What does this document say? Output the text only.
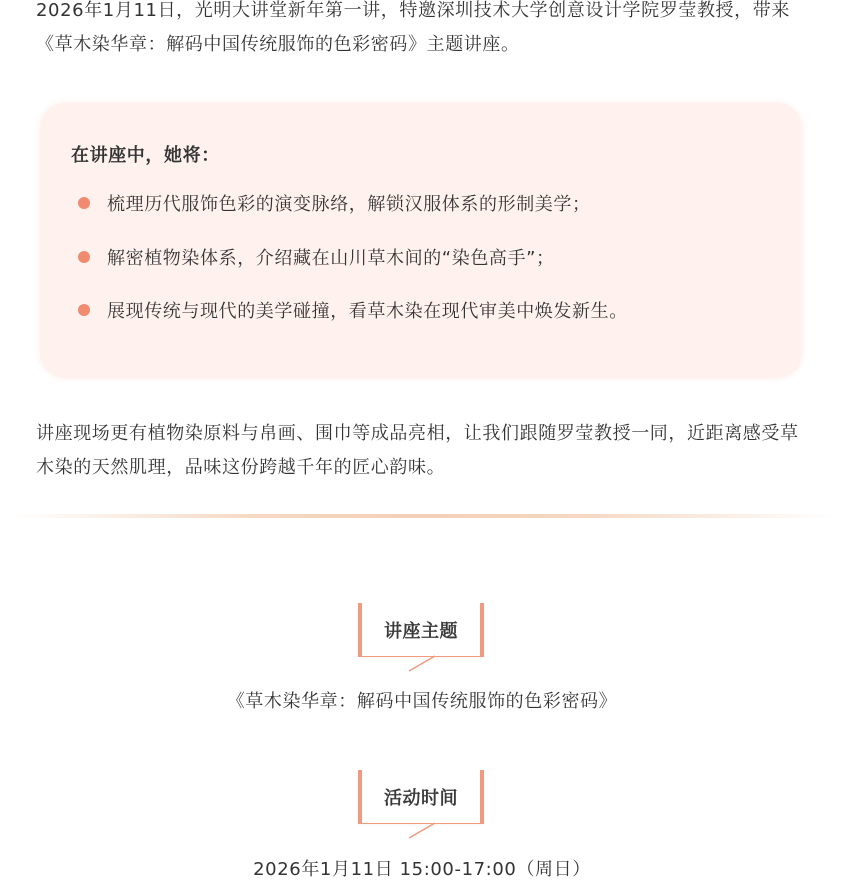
2026年1月11日，光明大讲堂新年第一讲，特邀深圳技术大学创意设计学院罗莹教授，带来《草木染华章：解码中国传统服饰的色彩密码》主题讲座。

在讲座中，她将：
梳理历代服饰色彩的演变脉络，解锁汉服体系的形制美学；
解密植物染体系，介绍藏在山川草木间的“染色高手”；
展现传统与现代的美学碰撞，看草木染在现代审美中焕发新生。

讲座现场更有植物染原料与帛画、围巾等成品亮相，让我们跟随罗莹教授一同，近距离感受草木染的天然肌理，品味这份跨越千年的匠心韵味。

讲座主题
《草木染华章：解码中国传统服饰的色彩密码》
活动时间
2026年1月11日 15:00-17:00（周日）
